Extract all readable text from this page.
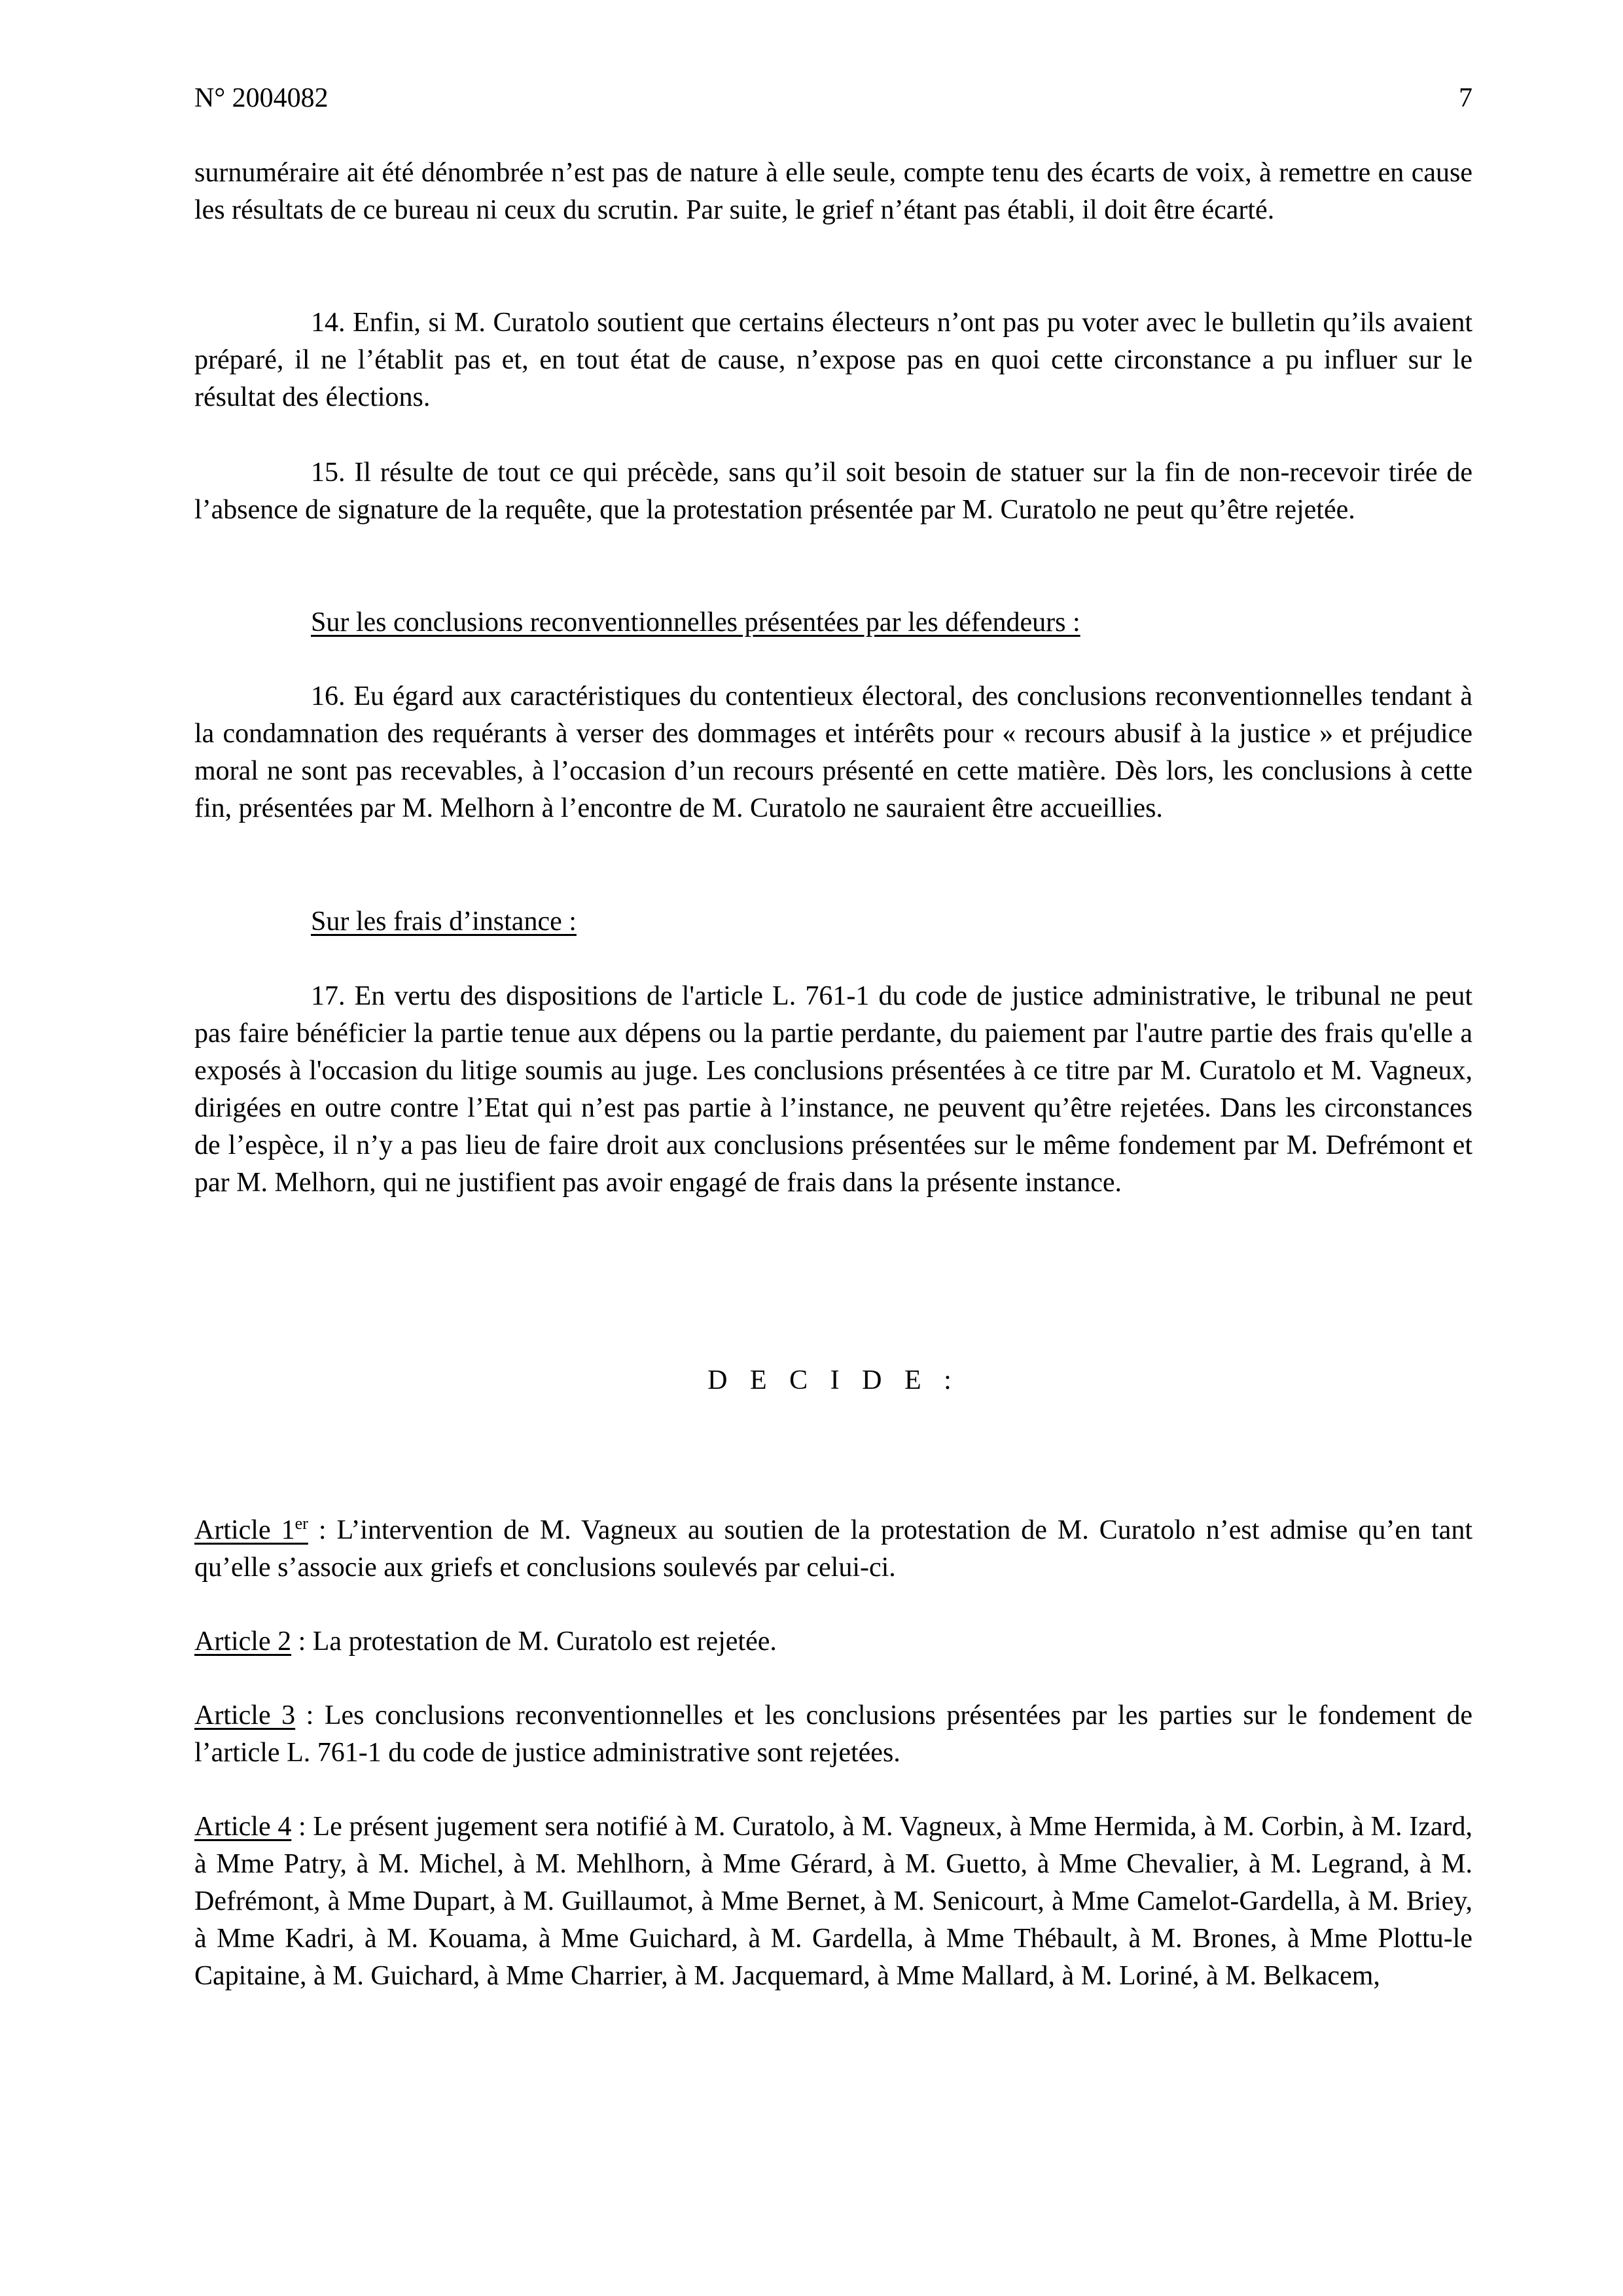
N° 2004082	7
surnuméraire ait été dénombrée n’est pas de nature à elle seule, compte tenu des écarts de voix, à remettre en cause les résultats de ce bureau ni ceux du scrutin. Par suite, le grief n’étant pas établi, il doit être écarté.
14. Enfin, si M. Curatolo soutient que certains électeurs n’ont pas pu voter avec le bulletin qu’ils avaient préparé, il ne l’établit pas et, en tout état de cause, n’expose pas en quoi cette circonstance a pu influer sur le résultat des élections.
15. Il résulte de tout ce qui précède, sans qu’il soit besoin de statuer sur la fin de non-recevoir tirée de l’absence de signature de la requête, que la protestation présentée par M. Curatolo ne peut qu’être rejetée.
Sur les conclusions reconventionnelles présentées par les défendeurs :
16. Eu égard aux caractéristiques du contentieux électoral, des conclusions reconventionnelles tendant à la condamnation des requérants à verser des dommages et intérêts pour « recours abusif à la justice » et préjudice moral ne sont pas recevables, à l’occasion d’un recours présenté en cette matière. Dès lors, les conclusions à cette fin, présentées par M. Melhorn à l’encontre de M. Curatolo ne sauraient être accueillies.
Sur les frais d’instance :
17. En vertu des dispositions de l'article L. 761-1 du code de justice administrative, le tribunal ne peut pas faire bénéficier la partie tenue aux dépens ou la partie perdante, du paiement par l'autre partie des frais qu'elle a exposés à l'occasion du litige soumis au juge. Les conclusions présentées à ce titre par M. Curatolo et M. Vagneux, dirigées en outre contre l’Etat qui n’est pas partie à l’instance, ne peuvent qu’être rejetées. Dans les circonstances de l’espèce, il n’y a pas lieu de faire droit aux conclusions présentées sur le même fondement par M. Defrémont et par M. Melhorn, qui ne justifient pas avoir engagé de frais dans la présente instance.
D E C I D E :
Article 1er : L’intervention de M. Vagneux au soutien de la protestation de M. Curatolo n’est admise qu’en tant qu’elle s’associe aux griefs et conclusions soulevés par celui-ci.
Article 2 : La protestation de M. Curatolo est rejetée.
Article 3 : Les conclusions reconventionnelles et les conclusions présentées par les parties sur le fondement de l’article L. 761-1 du code de justice administrative sont rejetées.
Article 4 : Le présent jugement sera notifié à M. Curatolo, à M. Vagneux, à Mme Hermida, à M. Corbin, à M. Izard, à Mme Patry, à M. Michel, à M. Mehlhorn, à Mme Gérard, à M. Guetto, à Mme Chevalier, à M. Legrand, à M. Defrémont, à Mme Dupart, à M. Guillaumot, à Mme Bernet, à M. Senicourt, à Mme Camelot-Gardella, à M. Briey, à Mme Kadri, à M. Kouama, à Mme Guichard, à M. Gardella, à Mme Thébault, à M. Brones, à Mme Plottu-le Capitaine, à M. Guichard, à Mme Charrier, à M. Jacquemard, à Mme Mallard, à M. Loriné, à M. Belkacem,
